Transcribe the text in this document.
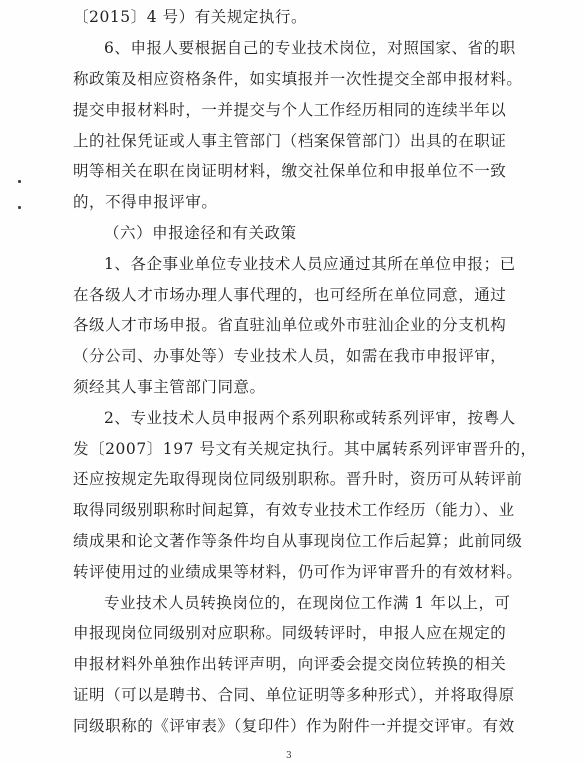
〔2015〕4 号）有关规定执行。
6、申报人要根据自己的专业技术岗位，对照国家、省的职
称政策及相应资格条件，如实填报并一次性提交全部申报材料。
提交申报材料时，一并提交与个人工作经历相同的连续半年以
上的社保凭证或人事主管部门（档案保管部门）出具的在职证
明等相关在职在岗证明材料，缴交社保单位和申报单位不一致
的，不得申报评审。
（六）申报途径和有关政策
1、各企事业单位专业技术人员应通过其所在单位申报；已
在各级人才市场办理人事代理的，也可经所在单位同意，通过
各级人才市场申报。省直驻汕单位或外市驻汕企业的分支机构
（分公司、办事处等）专业技术人员，如需在我市申报评审，
须经其人事主管部门同意。
2、专业技术人员申报两个系列职称或转系列评审，按粤人
发〔2007〕197 号文有关规定执行。其中属转系列评审晋升的，
还应按规定先取得现岗位同级别职称。晋升时，资历可从转评前
取得同级别职称时间起算，有效专业技术工作经历（能力）、业
绩成果和论文著作等条件均自从事现岗位工作后起算；此前同级
转评使用过的业绩成果等材料，仍可作为评审晋升的有效材料。
专业技术人员转换岗位的，在现岗位工作满 1 年以上，可
申报现岗位同级别对应职称。同级转评时，申报人应在规定的
申报材料外单独作出转评声明，向评委会提交岗位转换的相关
证明（可以是聘书、合同、单位证明等多种形式），并将取得原
同级职称的《评审表》（复印件）作为附件一并提交评审。有效
3
